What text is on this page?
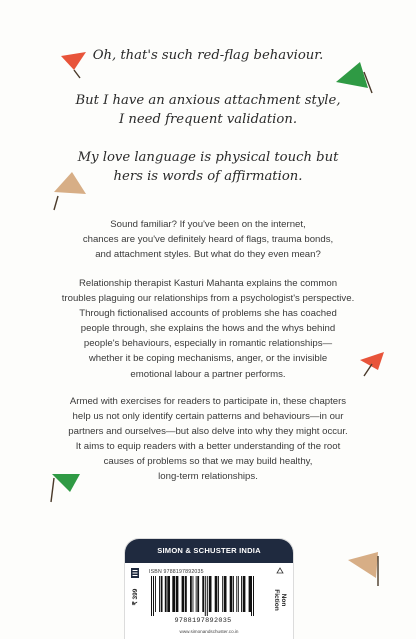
Oh, that's such red-flag behaviour.
But I have an anxious attachment style,
I need frequent validation.
My love language is physical touch but
hers is words of affirmation.
Sound familiar? If you've been on the internet,
chances are you've definitely heard of flags, trauma bonds,
and attachment styles. But what do they even mean?
Relationship therapist Kasturi Mahanta explains the common
troubles plaguing our relationships from a psychologist's perspective.
Through fictionalised accounts of problems she has coached
people through, she explains the hows and the whys behind
people's behaviours, especially in romantic relationships—
whether it be coping mechanisms, anger, or the invisible
emotional labour a partner performs.
Armed with exercises for readers to participate in, these chapters
help us not only identify certain patterns and behaviours—in our
partners and ourselves—but also delve into why they might occur.
It aims to equip readers with a better understanding of the root
causes of problems so that we may build healthy,
long-term relationships.
SIMON & SCHUSTER INDIA
₹ 399
ISBN 9788197892035
9788197892035
Non
Fiction
www.simonandschuster.co.in
